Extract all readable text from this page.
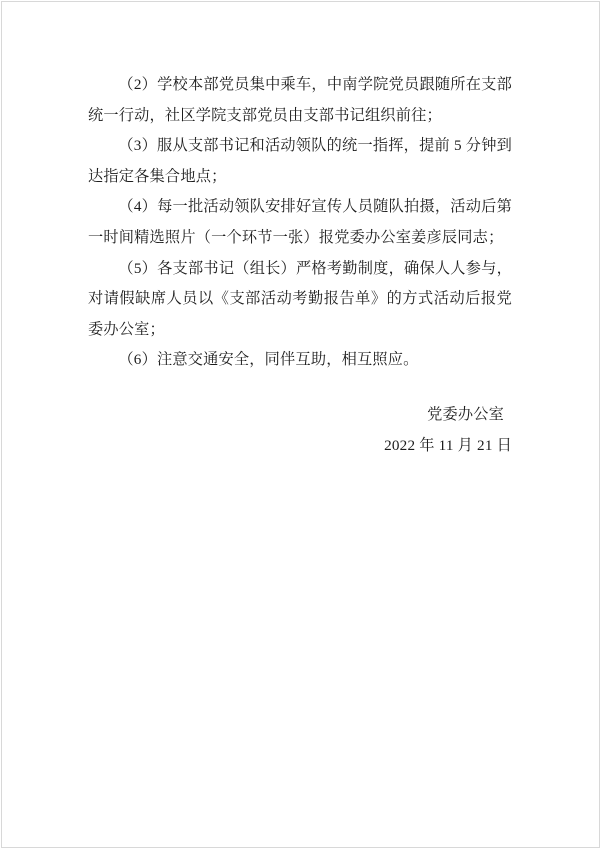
（2）学校本部党员集中乘车，中南学院党员跟随所在支部统一行动，社区学院支部党员由支部书记组织前往；

（3）服从支部书记和活动领队的统一指挥，提前 5 分钟到达指定各集合地点；

（4）每一批活动领队安排好宣传人员随队拍摄，活动后第一时间精选照片（一个环节一张）报党委办公室姜彦辰同志；

（5）各支部书记（组长）严格考勤制度，确保人人参与，对请假缺席人员以《支部活动考勤报告单》的方式活动后报党委办公室；

（6）注意交通安全，同伴互助，相互照应。

党委办公室
2022 年 11 月 21 日
